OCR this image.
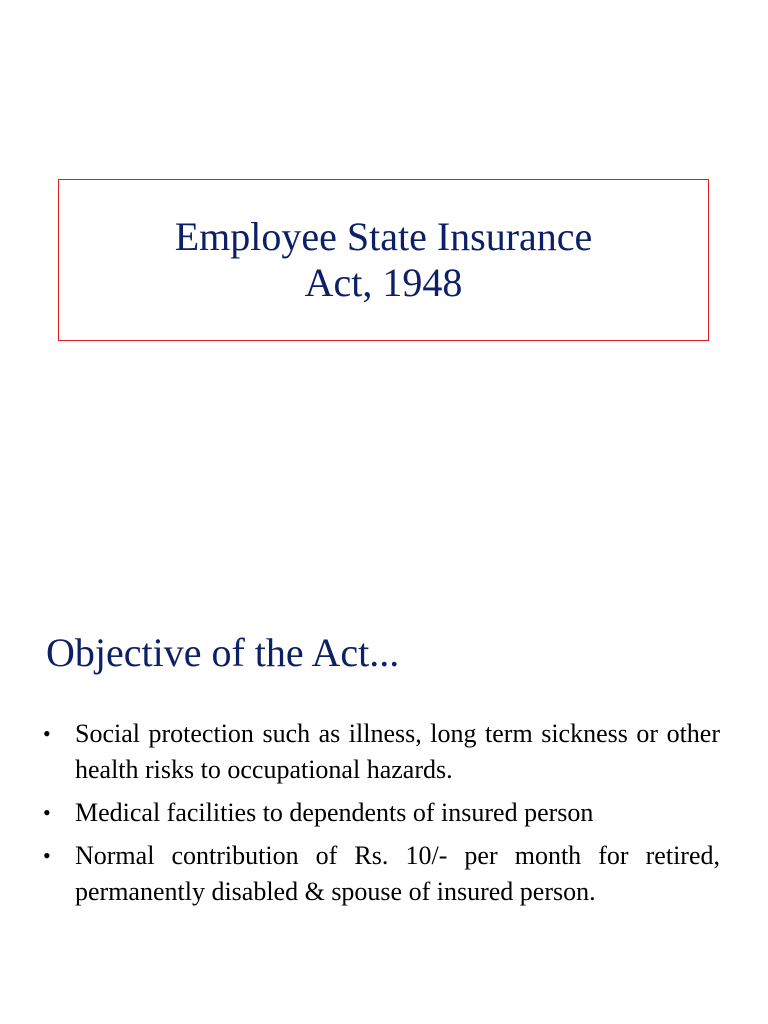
Employee State Insurance
Act, 1948
Objective of the Act...
• Social protection such as illness, long term sickness or other health risks to occupational hazards.
• Medical facilities to dependents of insured person
• Normal contribution of Rs. 10/- per month for retired, permanently disabled & spouse of insured person.
